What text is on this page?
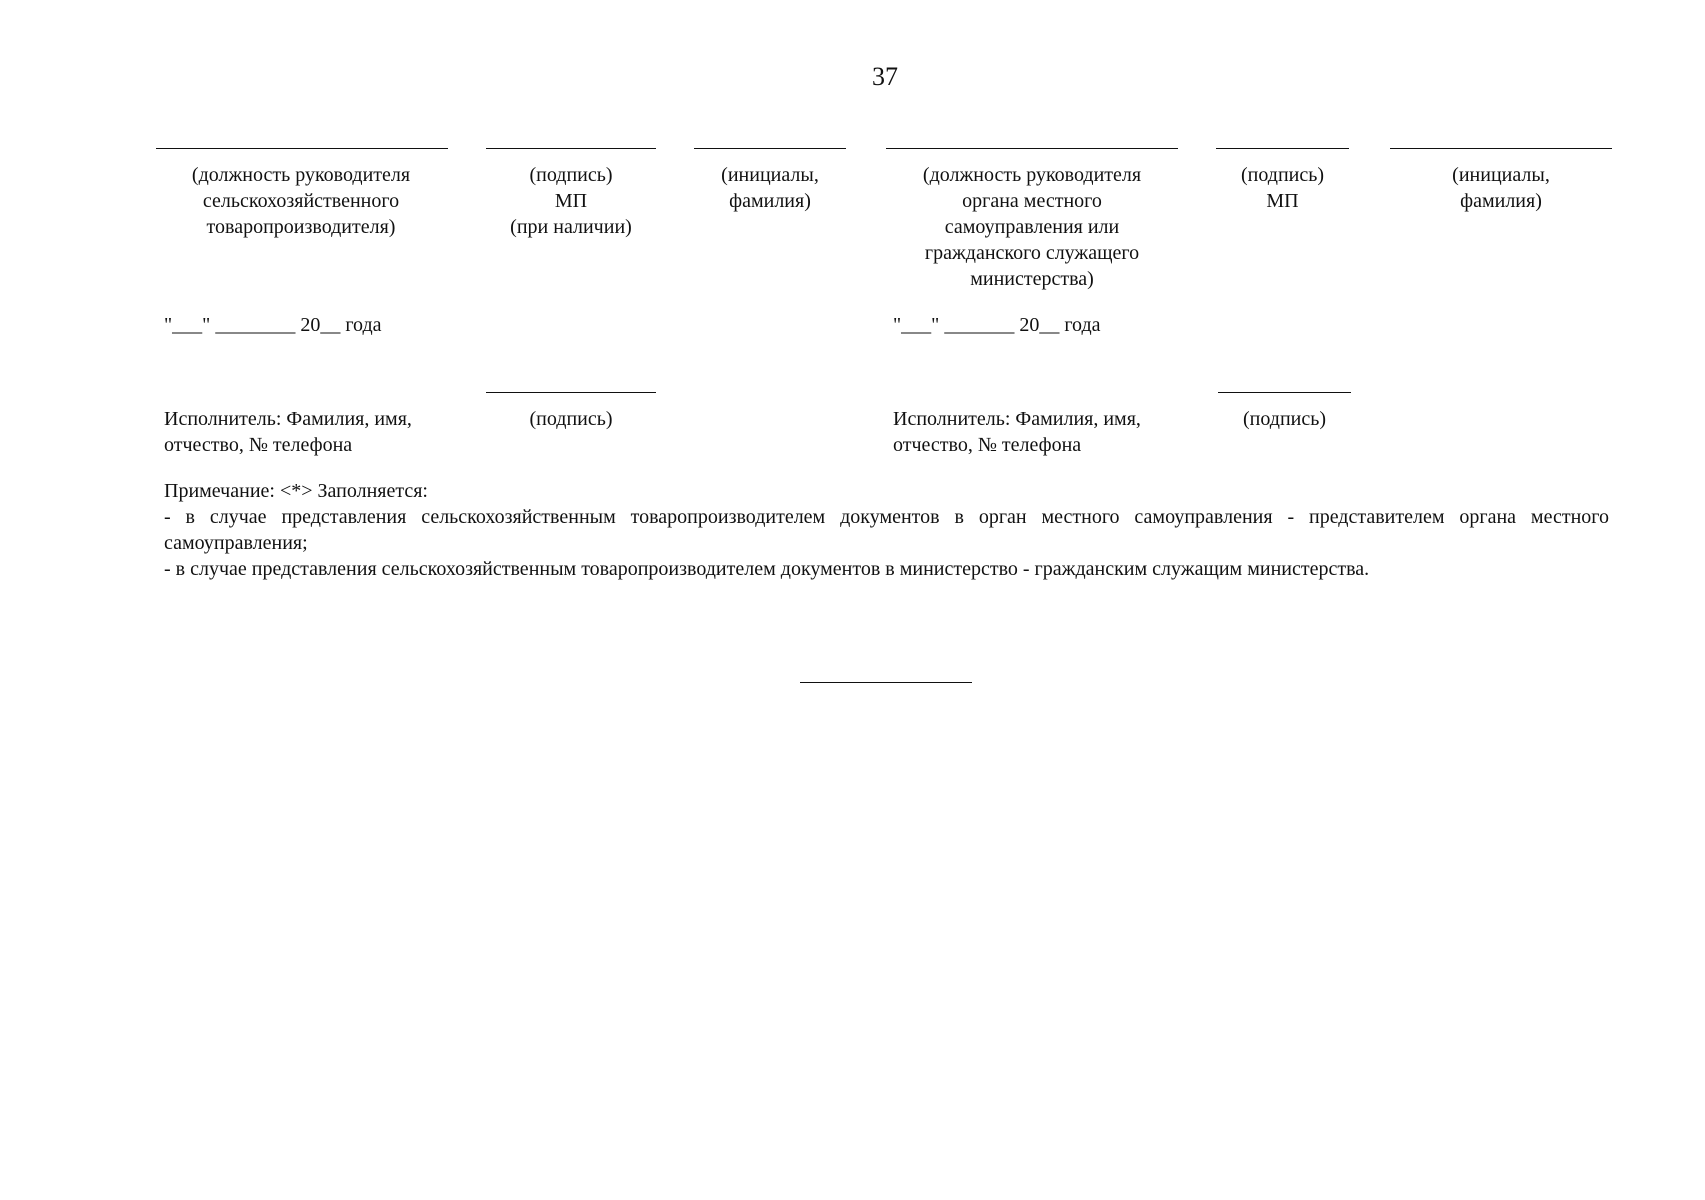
37
(должность руководителя
сельскохозяйственного
товаропроизводителя)
(подпись)
МП
(при наличии)
(инициалы,
фамилия)
(должность руководителя
органа местного
самоуправления или
гражданского служащего
министерства)
(подпись)
МП
(инициалы,
фамилия)
"___" ________ 20__ года	"___" _______ 20__ года
Исполнитель: Фамилия, имя,
отчество, № телефона
(подпись)	Исполнитель: Фамилия, имя,
отчество, № телефона
(подпись)
Примечание: <*> Заполняется:
- в случае представления сельскохозяйственным товаропроизводителем документов в орган местного самоуправления - представителем органа местного самоуправления;
- в случае представления сельскохозяйственным товаропроизводителем документов в министерство - гражданским служащим министерства.
